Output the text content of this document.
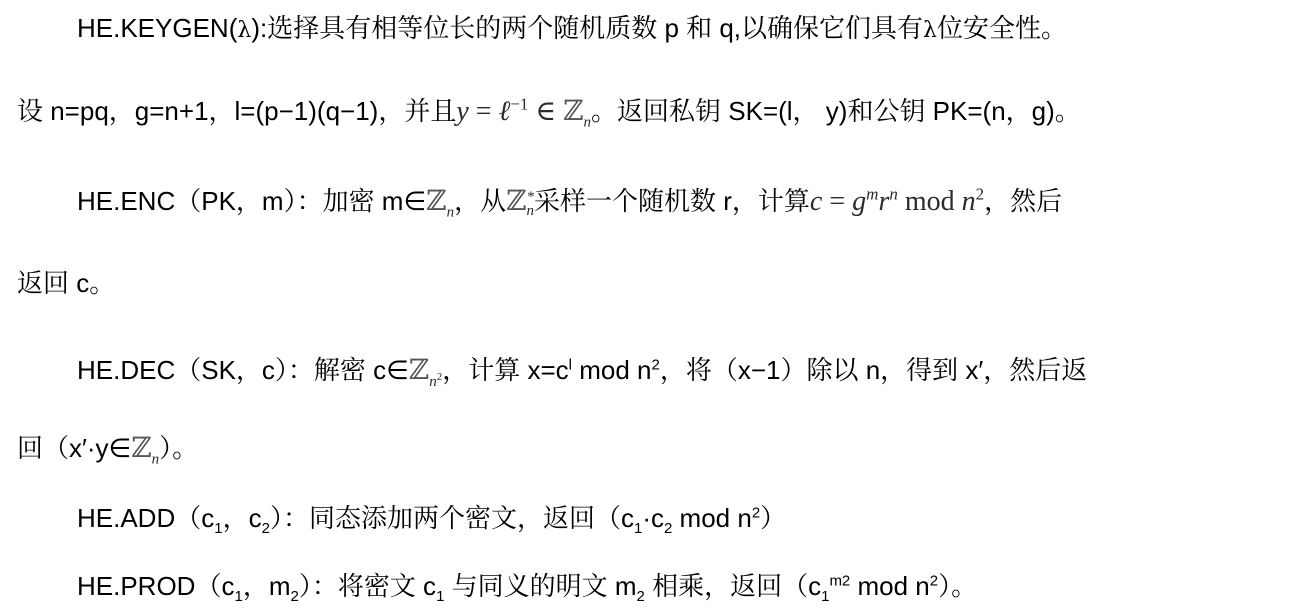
HE.KEYGEN(λ):选择具有相等位长的两个随机质数 p 和 q,以确保它们具有λ位安全性。
设 n=pq，g=n+1，l=(p−1)(q−1)，并且y = ℓ$^{-1}$ ∈ ℤ$_n$。返回私钥 SK=(l， y)和公钥 PK=(n，g)。
HE.ENC（PK，m）：加密 m∈ℤ$_n$，从ℤ *
n 采样一个随机数 r，计算$c = g^mr^n$ mod $n^2$，然后
返回 c。
HE.DEC（SK，c）：解密 c∈ℤ$_{n^2}$，计算 $x=c^l$ mod $n^2$，将（x−1）除以 n，得到 x′，然后返
回（x′·y∈ℤ$_n$）。
$HE.ADD(c_1$，$c_2$）：同态添加两个密文，返回（$c_1\cdot c_2$ mod $n^2$）
$HE.PROD(c_1$，$m_2$）：将密文 $c_1$ 与同义的明文 $m_2$ 相乘，返回（$c_1^{m2}$ mod $n^2$）。
